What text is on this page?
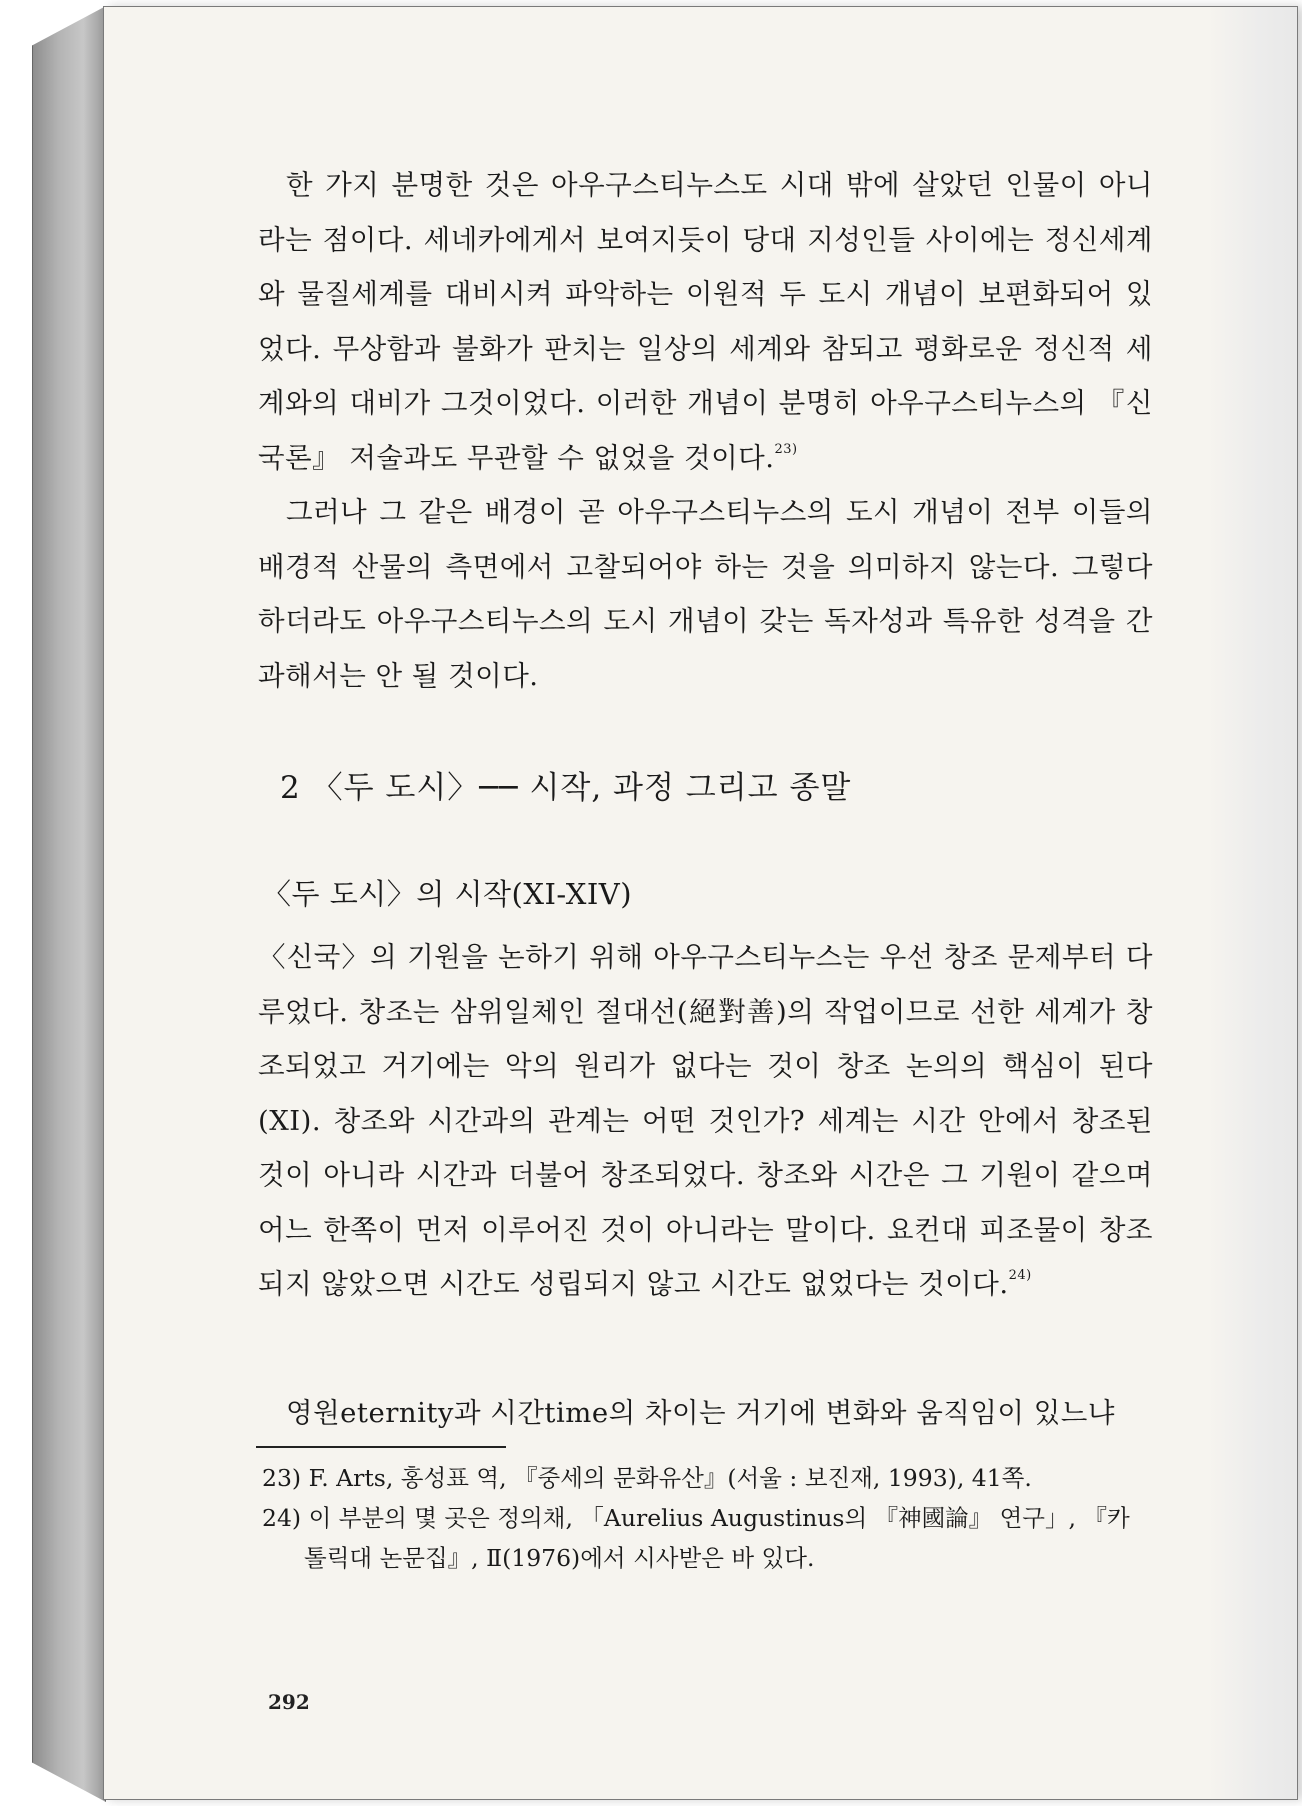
한 가지 분명한 것은 아우구스티누스도 시대 밖에 살았던 인물이 아니라는 점이다. 세네카에게서 보여지듯이 당대 지성인들 사이에는 정신세계와 물질세계를 대비시켜 파악하는 이원적 두 도시 개념이 보편화되어 있었다. 무상함과 불화가 판치는 일상의 세계와 참되고 평화로운 정신적 세계와의 대비가 그것이었다. 이러한 개념이 분명히 아우구스티누스의 『신국론』 저술과도 무관할 수 없었을 것이다.$^{23)}$

그러나 그 같은 배경이 곧 아우구스티누스의 도시 개념이 전부 이들의 배경적 산물의 측면에서 고찰되어야 하는 것을 의미하지 않는다. 그렇다 하더라도 아우구스티누스의 도시 개념이 갖는 독자성과 특유한 성격을 간과해서는 안 될 것이다.

2 〈두 도시〉── 시작, 과정 그리고 종말
〈두 도시〉의 시작(XI-XIV)

〈신국〉의 기원을 논하기 위해 아우구스티누스는 우선 창조 문제부터 다루었다. 창조는 삼위일체인 절대선(絕對善)의 작업이므로 선한 세계가 창조되었고 거기에는 악의 원리가 없다는 것이 창조 논의의 핵심이 된다(XI). 창조와 시간과의 관계는 어떤 것인가? 세계는 시간 안에서 창조된 것이 아니라 시간과 더불어 창조되었다. 창조와 시간은 그 기원이 같으며 어느 한쪽이 먼저 이루어진 것이 아니라는 말이다. 요컨대 피조물이 창조되지 않았으면 시간도 성립되지 않고 시간도 없었다는 것이다.$^{24)}$

영원eternity과 시간time의 차이는 거기에 변화와 움직임이 있느냐

23) F. Arts, 홍성표 역, 『중세의 문화유산』(서울 : 보진재, 1993), 41쪽.

24) 이 부분의 몇 곳은 정의채, 「Aurelius Augustinus의 『神國論』 연구」, 『카
톨릭대 논문집』, Ⅱ(1976)에서 시사받은 바 있다.

292
